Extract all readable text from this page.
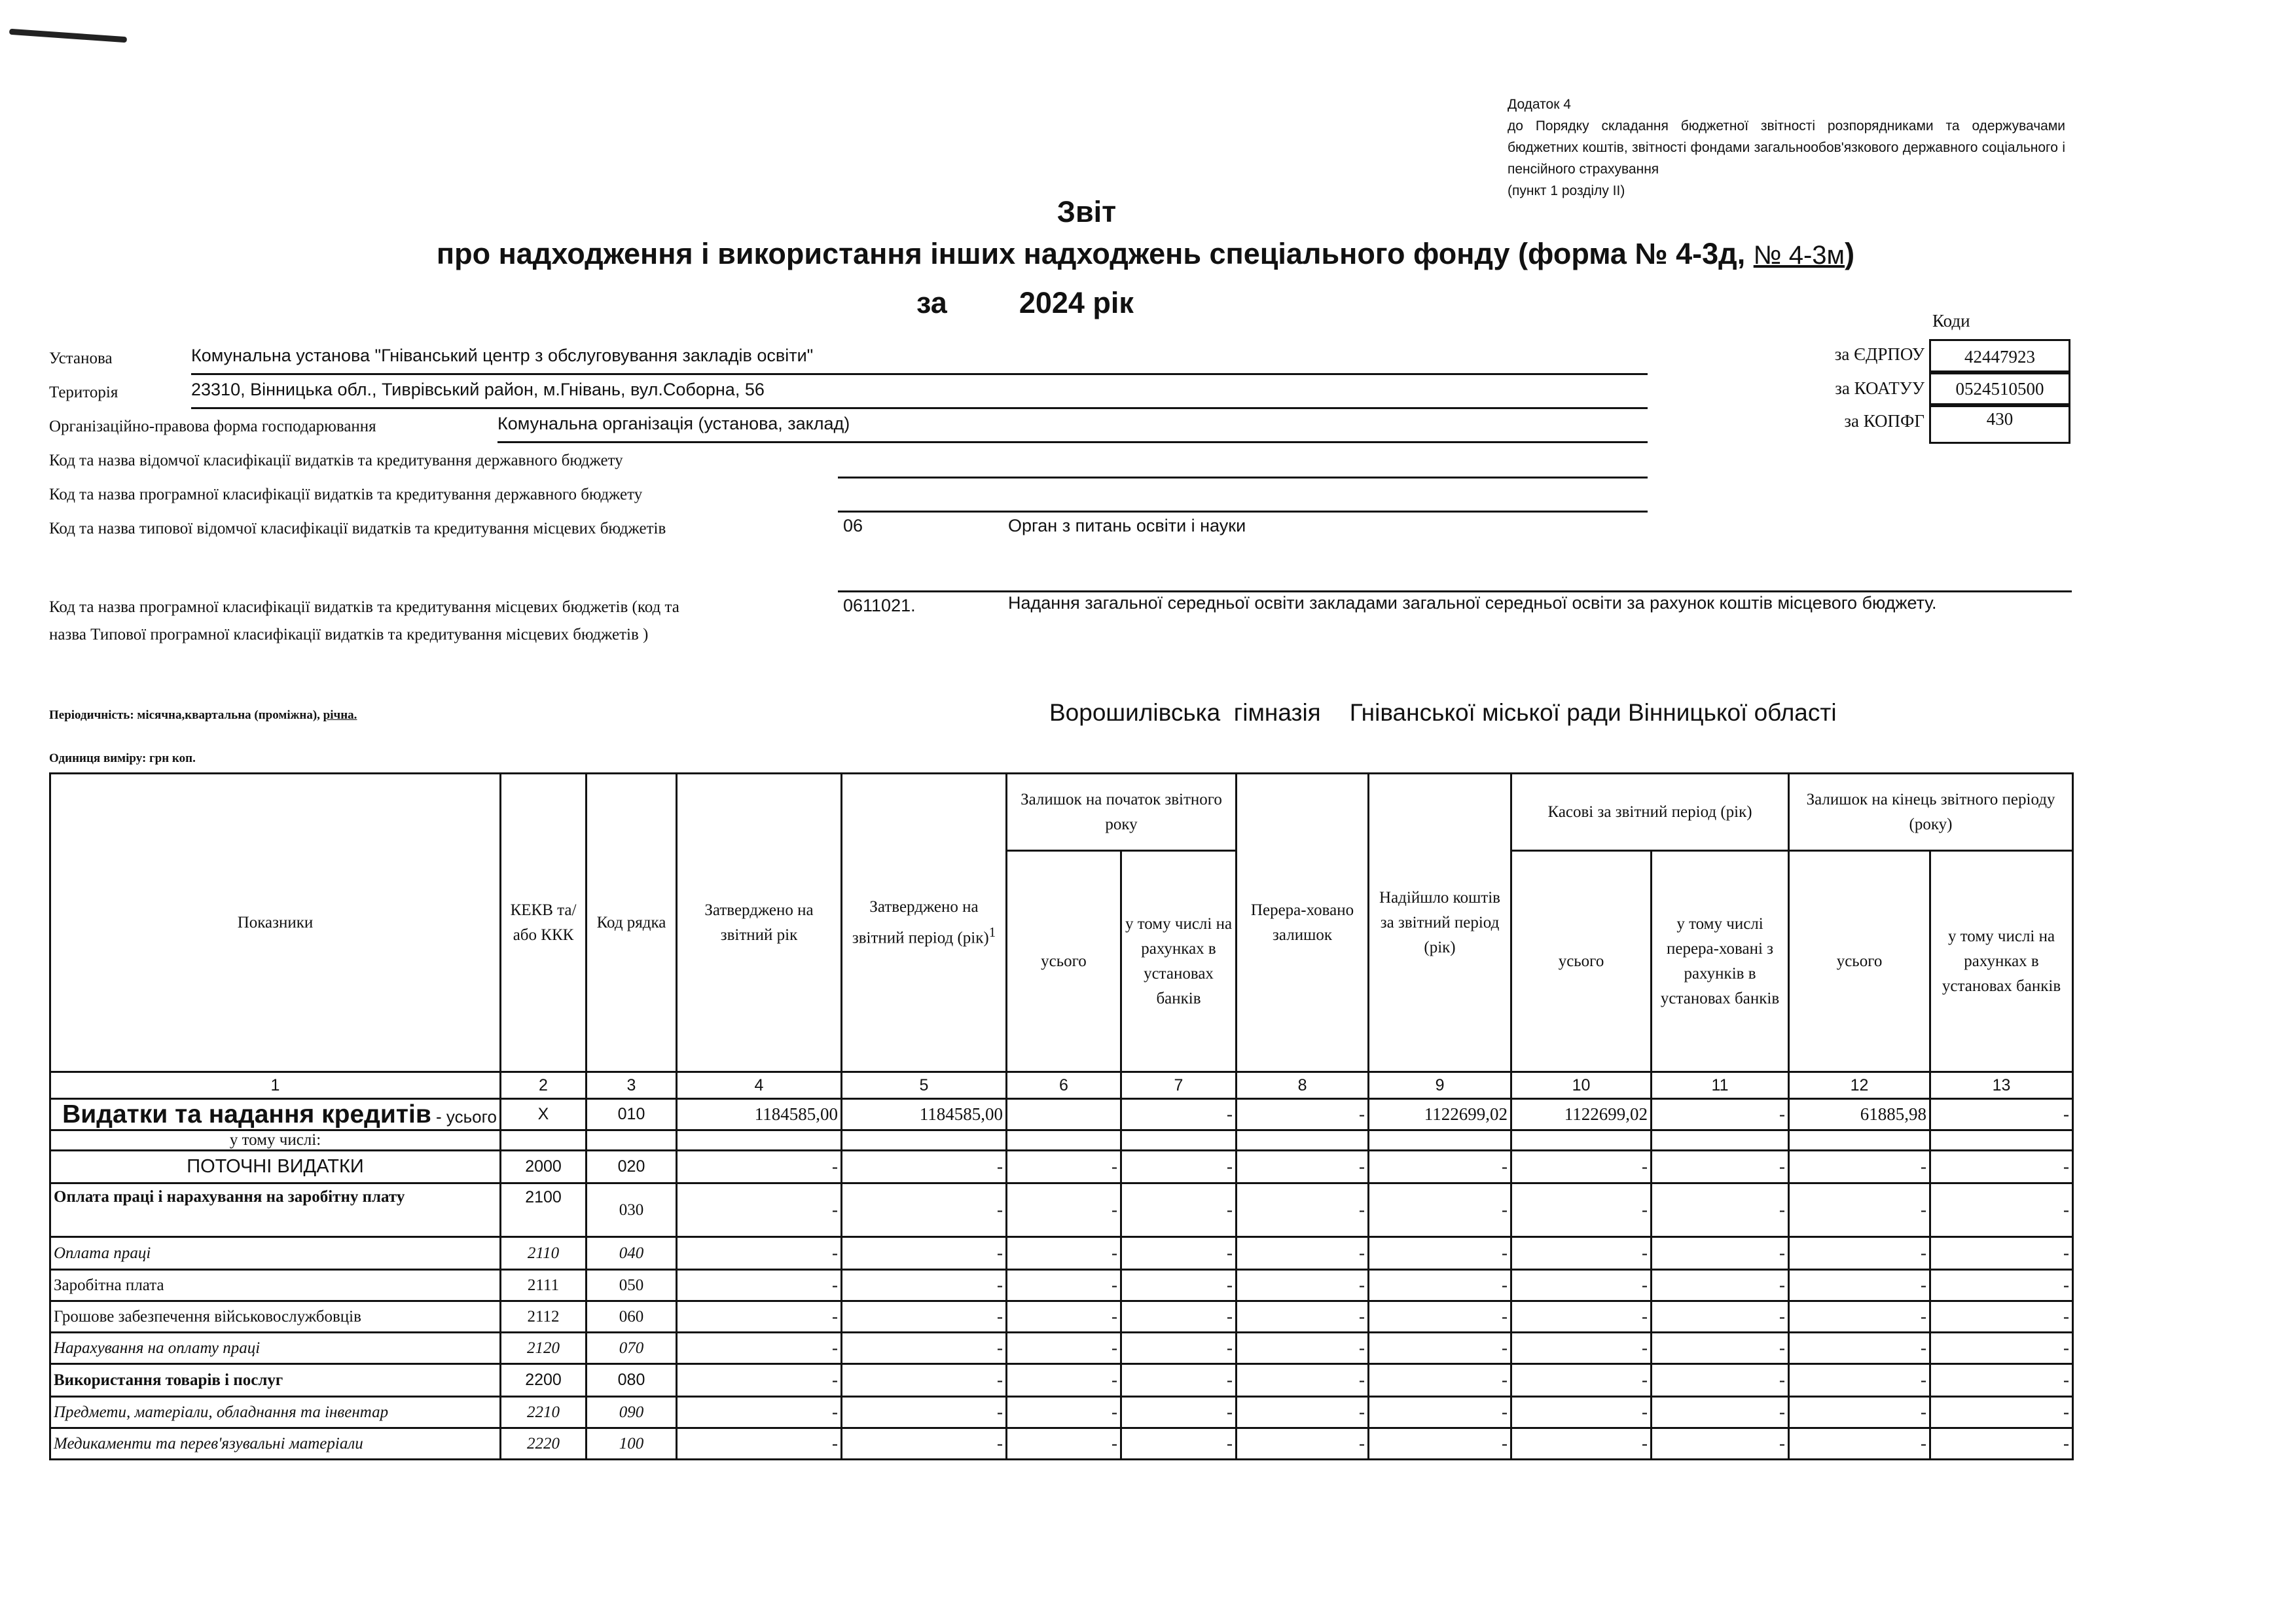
Додаток 4
до Порядку складання бюджетної звітності розпорядниками та одержувачами бюджетних коштів, звітності фондами загальнообов'язкового державного соціального і пенсійного страхування
(пункт 1 розділу ІІ)
Звіт
про надходження і використання інших надходжень спеціального фонду (форма № 4-3д, № 4-3м)
за 2024 рік
Коди
за ЄДРПОУ	42447923
за КОАТУУ	0524510500
за КОПФГ	430
Установа	Комунальна установа "Гніванський центр з обслуговування закладів освіти"
Територія	23310, Вінницька обл., Тиврівський район, м.Гнівань, вул.Соборна, 56
Організаційно-правова форма господарювання	Комунальна організація (установа, заклад)
Код та назва відомчої класифікації видатків та кредитування державного бюджету
Код та назва програмної класифікації видатків та кредитування державного бюджету
Код та назва типової відомчої класифікації видатків та кредитування місцевих бюджетів	06	Орган з питань освіти і науки
Код та назва програмної класифікації видатків та кредитування місцевих бюджетів (код та
назва Типової програмної класифікації видатків та кредитування місцевих бюджетів )
0611021.	Надання загальної середньої освіти закладами загальної середньої освіти за рахунок коштів місцевого бюджету.
Періодичність: місячна,квартальна (проміжна), річна.
Одиниця виміру: грн коп.
Ворошилівська  гімназія Гніванської міської ради Вінницької області
Показники	КЕКВ та/або ККК	Код рядка	Затверджено на звітний рік	Затверджено на звітний період (рік)$^1$	Залишок на початок звітного року		Перера-ховано залишок	Надійшло коштів за звітний період (рік)	Касові за звітний період (рік)		Залишок на кінець звітного періоду (року)	
					усього	у тому числі на рахунках в установах банків			усього	у тому числі перера-ховані з рахунків в установах банків	усього	у тому числі на рахунках в установах банків
1	2	3	4	5	6	7	8	9	10	11	12	13
Видатки та надання кредитів - усього	X	010	1184585,00	1184585,00		-	-	1122699,02	1122699,02	-	61885,98	-
у тому числі:												
ПОТОЧНІ ВИДАТКИ	2000	020	-	-	-	-	-	-	-	-	-	-
Оплата праці і нарахування на заробітну плату	2100	030	-	-	-	-	-	-	-	-	-	-
Оплата праці	2110	040	-	-	-	-	-	-	-	-	-	-
Заробітна плата	2111	050	-	-	-	-	-	-	-	-	-	-
Грошове забезпечення військовослужбовців	2112	060	-	-	-	-	-	-	-	-	-	-
Нарахування на оплату праці	2120	070	-	-	-	-	-	-	-	-	-	-
Використання товарів і послуг	2200	080	-	-	-	-	-	-	-	-	-	-
Предмети, матеріали, обладнання та інвентар	2210	090	-	-	-	-	-	-	-	-	-	-
Медикаменти та перев'язувальні матеріали	2220	100	-	-	-	-	-	-	-	-	-	-
